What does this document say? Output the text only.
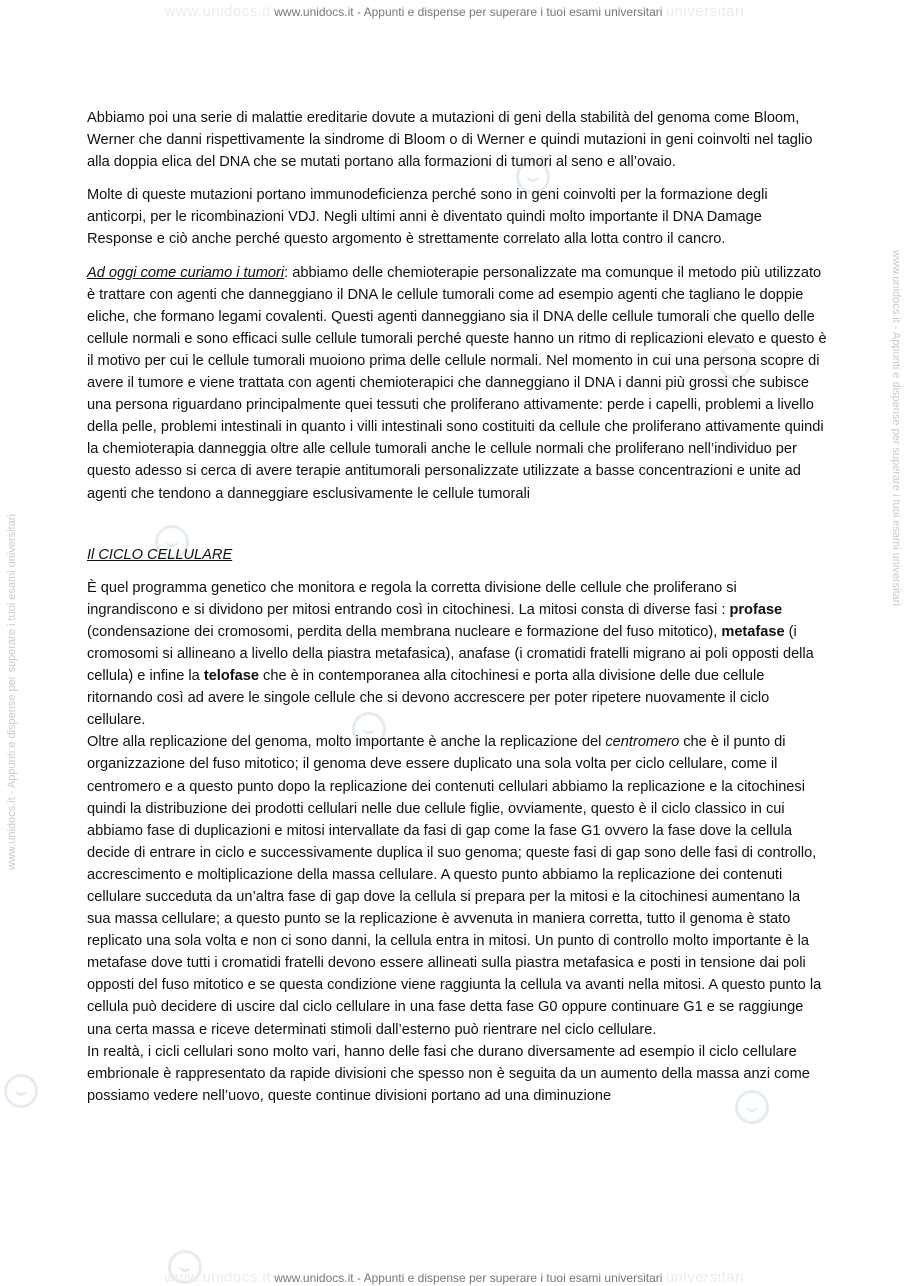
www.unidocs.it www.unidocs.it - Appunti e dispense per superare i tuoi esami universitari universitari
www.unidocs.it - Appunti e dispense per superare i tuoi esami universitari
www.unidocs.it - Appunti e dispense per superare i tuoi esami universitari

Abbiamo poi una serie di malattie ereditarie dovute a mutazioni di geni della stabilità del genoma come Bloom, Werner che danni rispettivamente la sindrome di Bloom o di Werner e quindi mutazioni in geni coinvolti nel taglio alla doppia elica del DNA che se mutati portano alla formazioni di tumori al seno e all’ovaio.

Molte di queste mutazioni portano immunodeficienza perché sono in geni coinvolti per la formazione degli anticorpi, per le ricombinazioni VDJ. Negli ultimi anni è diventato quindi molto importante il DNA Damage Response e ciò anche perché questo argomento è strettamente correlato alla lotta contro il cancro.

Ad oggi come curiamo i tumori: abbiamo delle chemioterapie personalizzate ma comunque il metodo più utilizzato è trattare con agenti che danneggiano il DNA le cellule tumorali come ad esempio agenti che tagliano le doppie eliche, che formano legami covalenti. Questi agenti danneggiano sia il DNA delle cellule tumorali che quello delle cellule normali e sono efficaci sulle cellule tumorali perché queste hanno un ritmo di replicazioni elevato e questo è il motivo per cui le cellule tumorali muoiono prima delle cellule normali. Nel momento in cui una persona scopre di avere il tumore e viene trattata con agenti chemioterapici che danneggiano il DNA i danni più grossi che subisce una persona riguardano principalmente quei tessuti che proliferano attivamente: perde i capelli, problemi a livello della pelle, problemi intestinali in quanto i villi intestinali sono costituiti da cellule che proliferano attivamente quindi la chemioterapia danneggia oltre alle cellule tumorali anche le cellule normali che proliferano nell’individuo per questo adesso si cerca di avere terapie antitumorali personalizzate utilizzate a basse concentrazioni e unite ad agenti che tendono a danneggiare esclusivamente le cellule tumorali

Il CICLO CELLULARE

È quel programma genetico che monitora e regola la corretta divisione delle cellule che proliferano si ingrandiscono e si dividono per mitosi entrando così in citochinesi. La mitosi consta di diverse fasi : profase (condensazione dei cromosomi, perdita della membrana nucleare e formazione del fuso mitotico), metafase (i cromosomi si allineano a livello della piastra metafasica), anafase (i cromatidi fratelli migrano ai poli opposti della cellula) e infine la telofase che è in contemporanea alla citochinesi e porta alla divisione delle due cellule ritornando così ad avere le singole cellule che si devono accrescere per poter ripetere nuovamente il ciclo cellulare.

Oltre alla replicazione del genoma, molto importante è anche la replicazione del centromero che è il punto di organizzazione del fuso mitotico; il genoma deve essere duplicato una sola volta per ciclo cellulare, come il centromero e a questo punto dopo la replicazione dei contenuti cellulari abbiamo la replicazione e la citochinesi quindi la distribuzione dei prodotti cellulari nelle due cellule figlie, ovviamente, questo è il ciclo classico in cui abbiamo fase di duplicazioni e mitosi intervallate da fasi di gap come la fase G1 ovvero la fase dove la cellula decide di entrare in ciclo e successivamente duplica il suo genoma; queste fasi di gap sono delle fasi di controllo, accrescimento e moltiplicazione della massa cellulare. A questo punto abbiamo la replicazione dei contenuti cellulare succeduta da un’altra fase di gap dove la cellula si prepara per la mitosi e la citochinesi aumentano la sua massa cellulare; a questo punto se la replicazione è avvenuta in maniera corretta, tutto il genoma è stato replicato una sola volta e non ci sono danni, la cellula entra in mitosi. Un punto di controllo molto importante è la metafase dove tutti i cromatidi fratelli devono essere allineati sulla piastra metafasica e posti in tensione dai poli opposti del fuso mitotico e se questa condizione viene raggiunta la cellula va avanti nella mitosi. A questo punto la cellula può decidere di uscire dal ciclo cellulare in una fase detta fase G0 oppure continuare G1 e se raggiunge una certa massa e riceve determinati stimoli dall’esterno può rientrare nel ciclo cellulare.

In realtà, i cicli cellulari sono molto vari, hanno delle fasi che durano diversamente ad esempio il ciclo cellulare embrionale è rappresentato da rapide divisioni che spesso non è seguita da un aumento della massa anzi come possiamo vedere nell’uovo, queste continue divisioni portano ad una diminuzione

www.unidocs.it www.unidocs.it - Appunti e dispense per superare i tuoi esami universitari universitari
